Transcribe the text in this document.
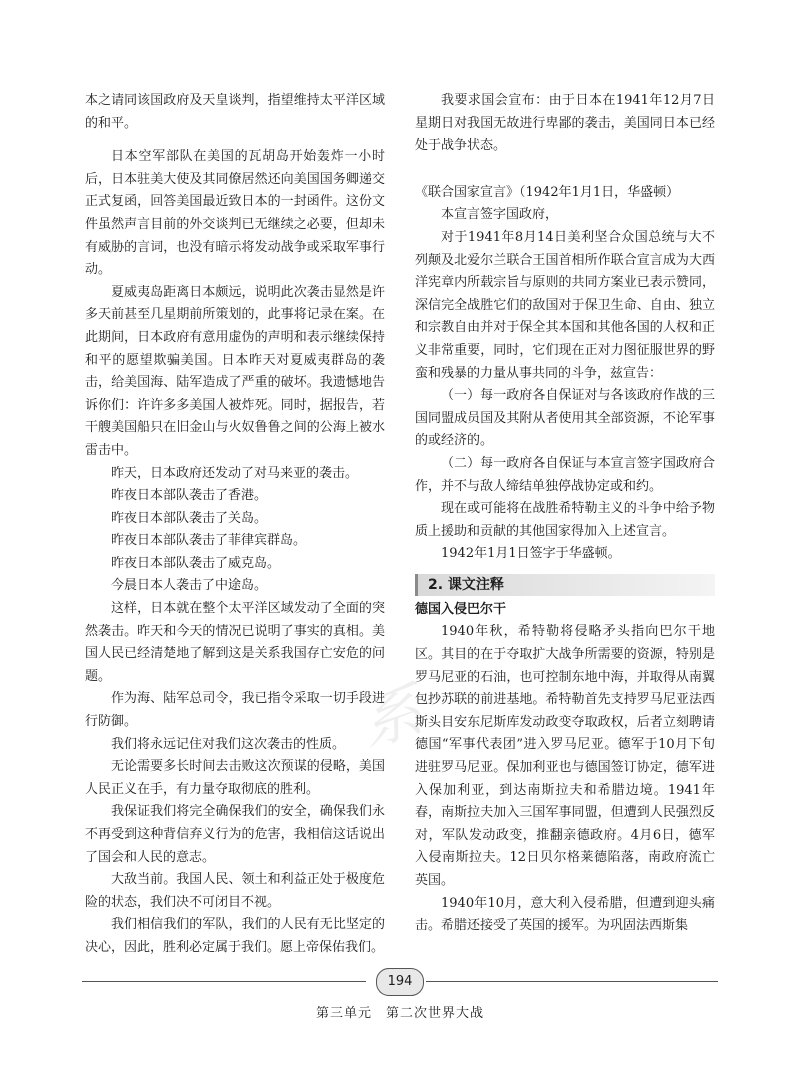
系

本之请同该国政府及天皇谈判，指望维持太平洋区域的和平。

日本空军部队在美国的瓦胡岛开始轰炸一小时后，日本驻美大使及其同僚居然还向美国国务卿递交正式复函，回答美国最近致日本的一封函件。这份文件虽然声言目前的外交谈判已无继续之必要，但却未有威胁的言词，也没有暗示将发动战争或采取军事行动。

夏威夷岛距离日本颇远，说明此次袭击显然是许多天前甚至几星期前所策划的，此事将记录在案。在此期间，日本政府有意用虚伪的声明和表示继续保持和平的愿望欺骗美国。日本昨天对夏威夷群岛的袭击，给美国海、陆军造成了严重的破坏。我遗憾地告诉你们：许许多多美国人被炸死。同时，据报告，若干艘美国船只在旧金山与火奴鲁鲁之间的公海上被水雷击中。

昨天，日本政府还发动了对马来亚的袭击。

昨夜日本部队袭击了香港。

昨夜日本部队袭击了关岛。

昨夜日本部队袭击了菲律宾群岛。

昨夜日本部队袭击了威克岛。

今晨日本人袭击了中途岛。

这样，日本就在整个太平洋区域发动了全面的突然袭击。昨天和今天的情况已说明了事实的真相。美国人民已经清楚地了解到这是关系我国存亡安危的问题。

作为海、陆军总司令，我已指令采取一切手段进行防御。

我们将永远记住对我们这次袭击的性质。

无论需要多长时间去击败这次预谋的侵略，美国人民正义在手，有力量夺取彻底的胜利。

我保证我们将完全确保我们的安全，确保我们永不再受到这种背信弃义行为的危害，我相信这话说出了国会和人民的意志。

大敌当前。我国人民、领土和利益正处于极度危险的状态，我们决不可闭目不视。

我们相信我们的军队，我们的人民有无比坚定的决心，因此，胜利必定属于我们。愿上帝保佑我们。

我要求国会宣布：由于日本在1941年12月7日星期日对我国无故进行卑鄙的袭击，美国同日本已经处于战争状态。

《联合国家宣言》（1942年1月1日，华盛顿）

本宣言签字国政府，

对于1941年8月14日美利坚合众国总统与大不列颠及北爱尔兰联合王国首相所作联合宣言成为大西洋宪章内所载宗旨与原则的共同方案业已表示赞同，深信完全战胜它们的敌国对于保卫生命、自由、独立和宗教自由并对于保全其本国和其他各国的人权和正义非常重要，同时，它们现在正对力图征服世界的野蛮和残暴的力量从事共同的斗争，兹宣告：

（一）每一政府各自保证对与各该政府作战的三国同盟成员国及其附从者使用其全部资源，不论军事的或经济的。

（二）每一政府各自保证与本宣言签字国政府合作，并不与敌人缔结单独停战协定或和约。

现在或可能将在战胜希特勒主义的斗争中给予物质上援助和贡献的其他国家得加入上述宣言。

1942年1月1日签字于华盛顿。

2. 课文注释

德国入侵巴尔干

1940年秋，希特勒将侵略矛头指向巴尔干地区。其目的在于夺取扩大战争所需要的资源，特别是罗马尼亚的石油，也可控制东地中海，并取得从南翼包抄苏联的前进基地。希特勒首先支持罗马尼亚法西斯头目安东尼斯库发动政变夺取政权，后者立刻聘请德国“军事代表团”进入罗马尼亚。德军于10月下旬进驻罗马尼亚。保加利亚也与德国签订协定，德军进入保加利亚，到达南斯拉夫和希腊边境。1941年春，南斯拉夫加入三国军事同盟，但遭到人民强烈反对，军队发动政变，推翻亲德政府。4月6日，德军入侵南斯拉夫。12日贝尔格莱德陷落，南政府流亡英国。

1940年10月，意大利入侵希腊，但遭到迎头痛击。希腊还接受了英国的援军。为巩固法西斯集

194
第三单元　第二次世界大战
